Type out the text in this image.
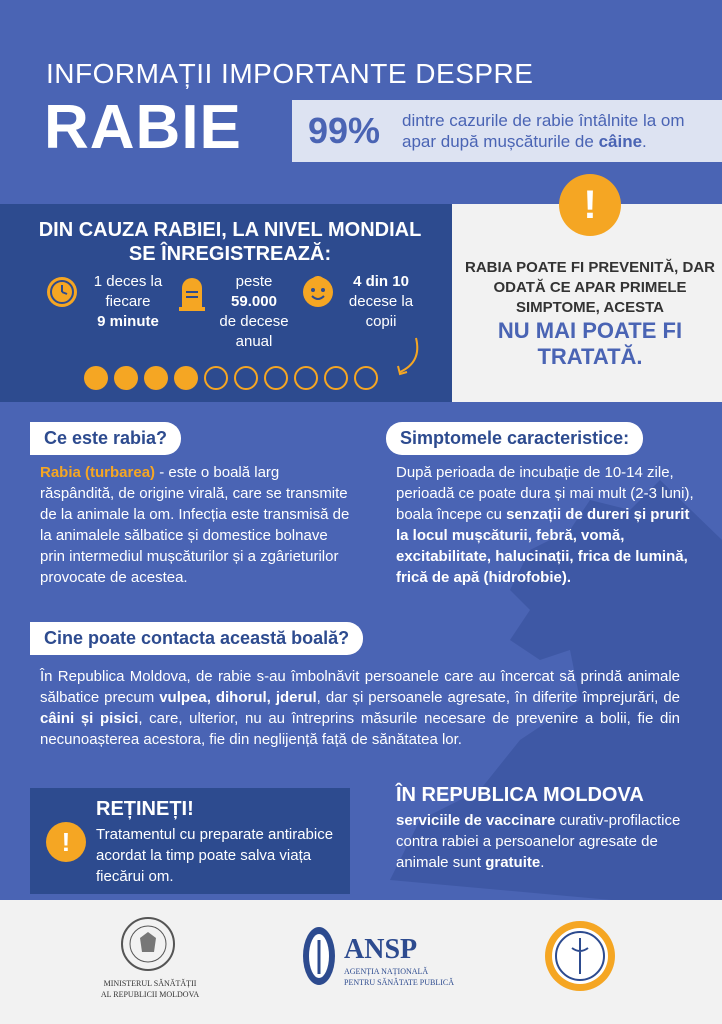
INFORMAȚII IMPORTANTE DESPRE
RABIE 99% dintre cazurile de rabie întâlnite la om apar după mușcăturile de câine.
DIN CAUZA RABIEI, LA NIVEL MONDIAL SE ÎNREGISTREAZĂ:
1 deces la
fiecare
9 minute
peste
59.000
de decese
anual
4 din 10
decese la
copii
!
RABIA POATE FI PREVENITĂ, DAR ODATĂ CE APAR PRIMELE SIMPTOME, ACESTA
NU MAI POATE FI TRATATĂ.
Ce este rabia?
Rabia (turbarea) - este o boală larg răspândită, de origine virală, care se transmite de la animale la om. Infecția este transmisă de la animalele sălbatice și domestice bolnave prin intermediul mușcăturilor și a zgârieturilor provocate de acestea.
Simptomele caracteristice:
După perioada de incubație de 10-14 zile, perioadă ce poate dura și mai mult (2-3 luni), boala începe cu senzații de dureri și prurit la locul mușcăturii, febră, vomă, excitabilitate, halucinații, frica de lumină, frică de apă (hidrofobie).
Cine poate contacta această boală?
În Republica Moldova, de rabie s-au îmbolnăvit persoanele care au încercat să prindă animale sălbatice precum vulpea, dihorul, jderul, dar și persoanele agresate, în diferite împrejurări, de câini și pisici, care, ulterior, nu au întreprins măsurile necesare de prevenire a bolii, fie din necunoașterea acestora, fie din neglijență față de sănătatea lor.
!
REȚINEȚI!
Tratamentul cu preparate antirabice acordat la timp poate salva viața fiecărui om.
ÎN REPUBLICA MOLDOVA
serviciile de vaccinare curativ-profilactice contra rabiei a persoanelor agresate de animale sunt gratuite.
MINISTERUL SĂNĂTĂȚII
AL REPUBLICII MOLDOVA
ANSP
AGENȚIA NAȚIONALĂ
PENTRU SĂNĂTATE PUBLICĂ
